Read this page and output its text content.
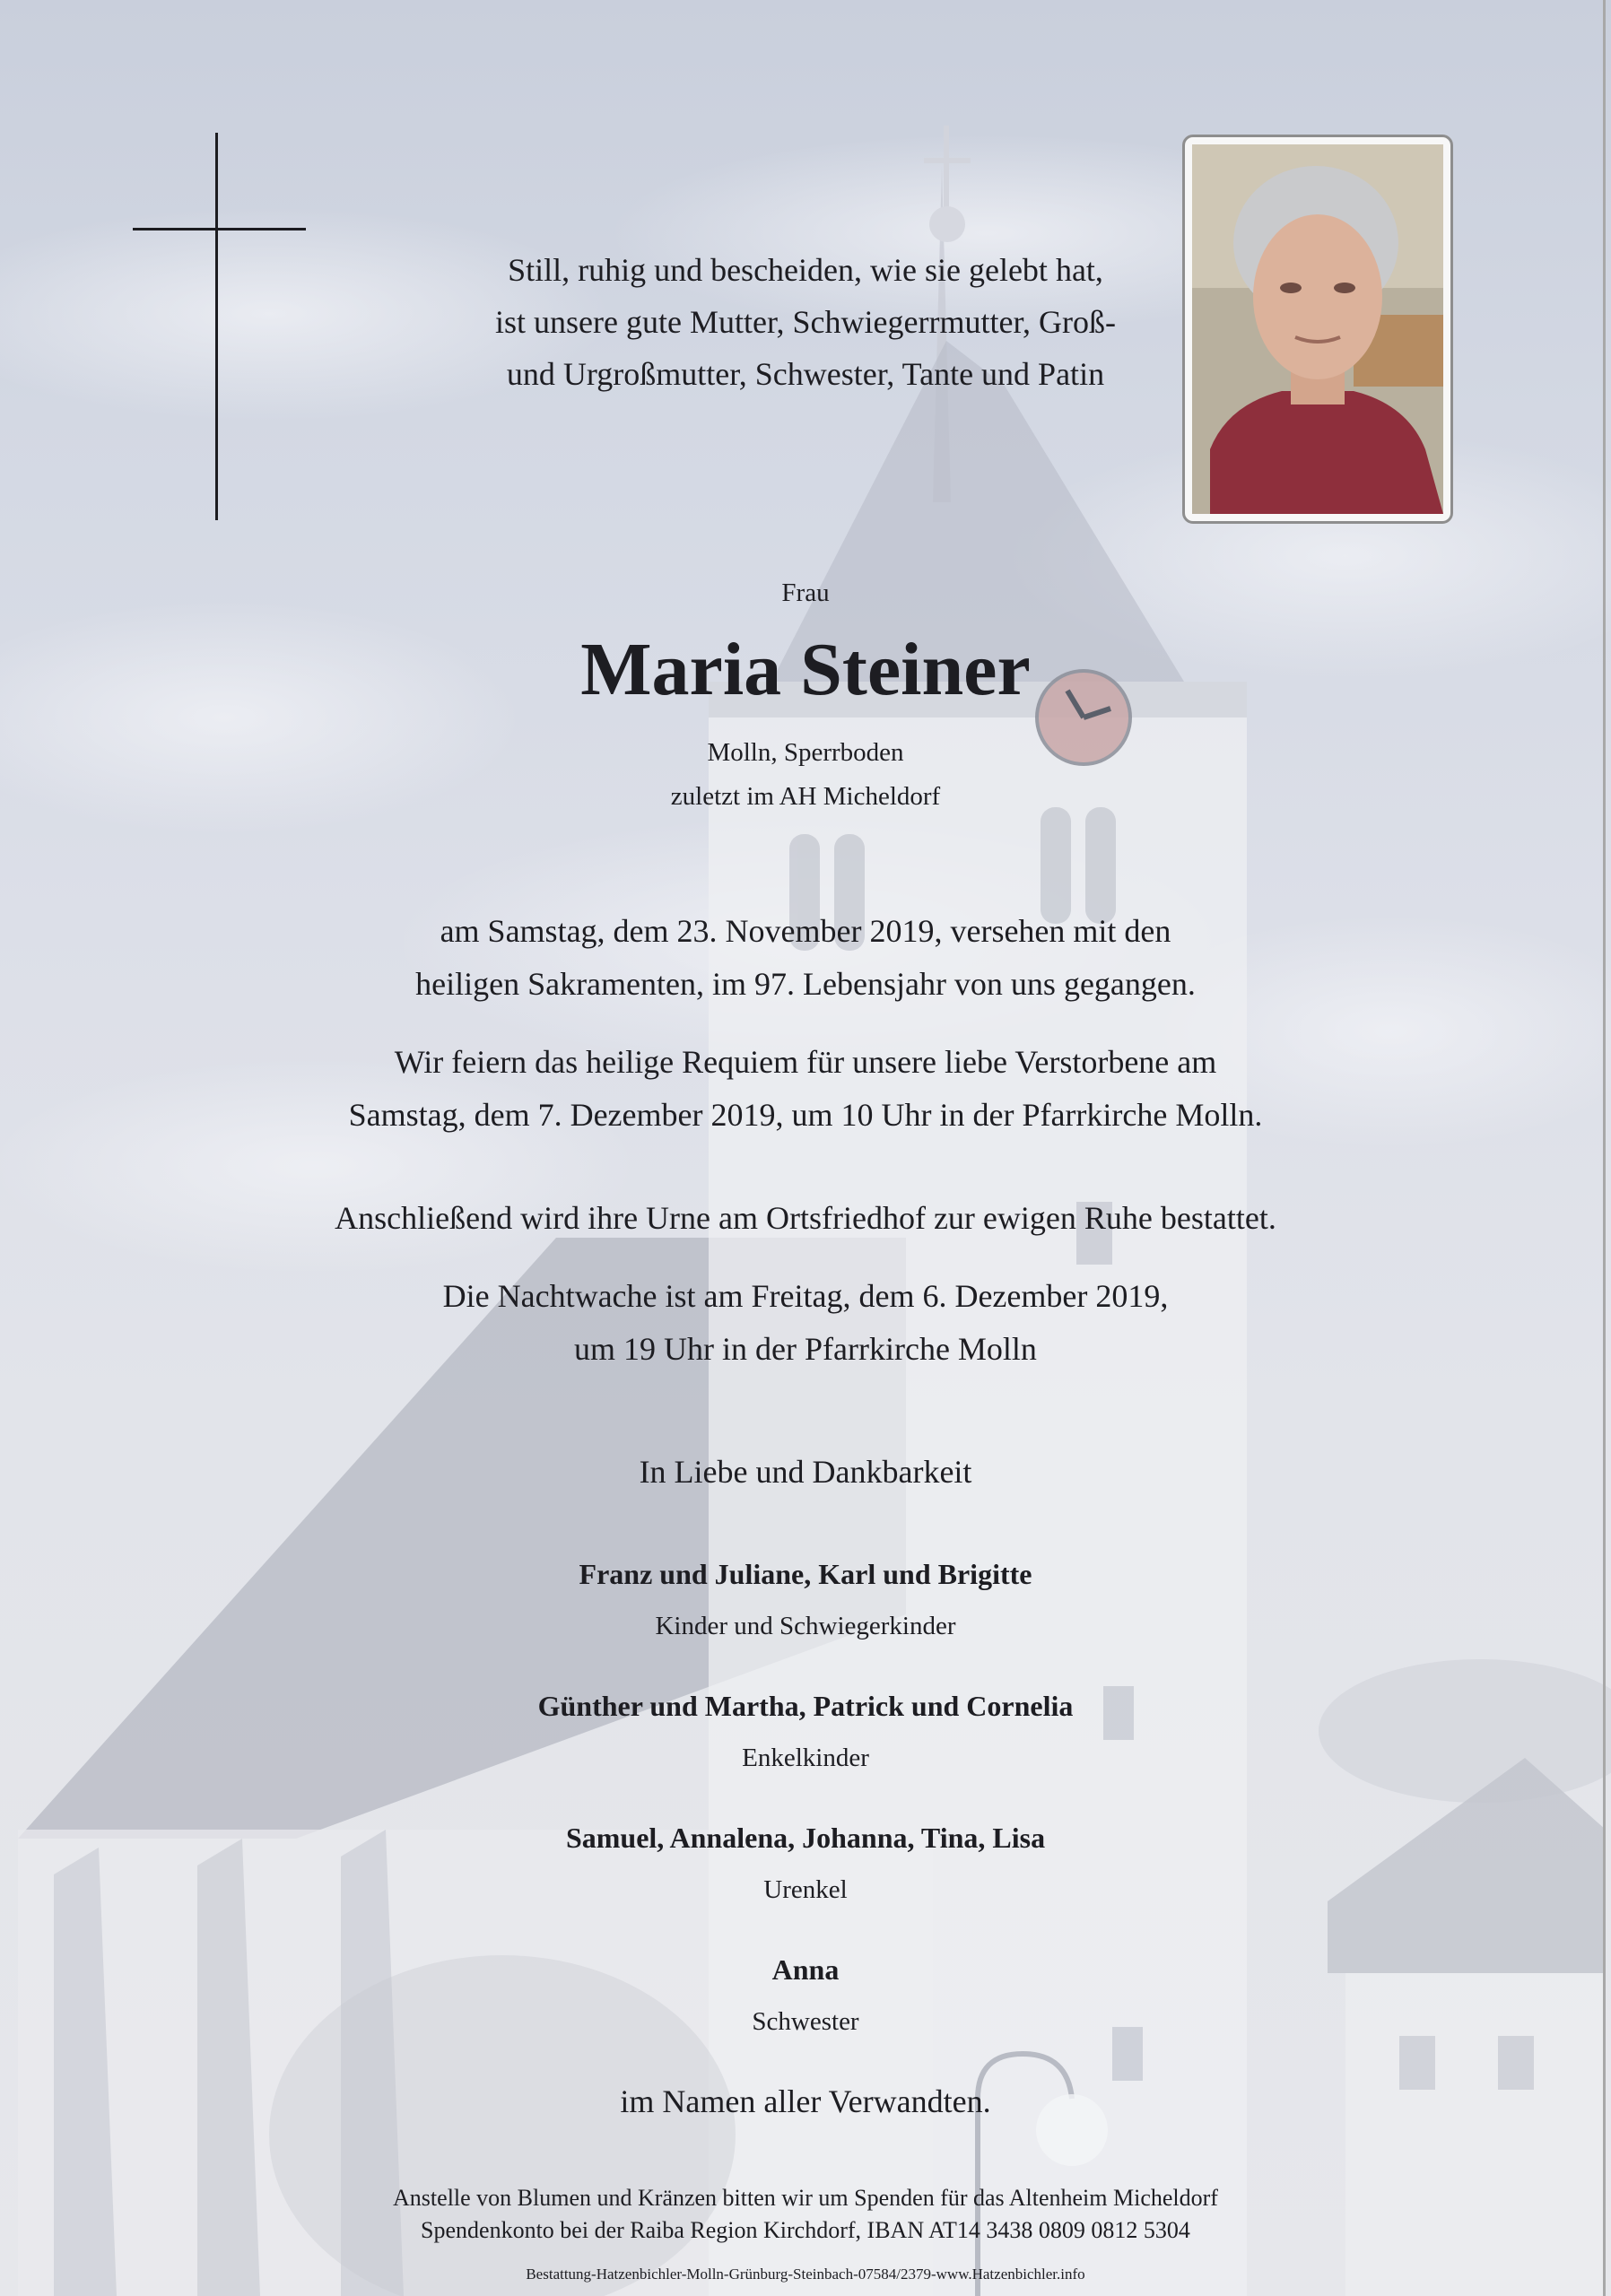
Still, ruhig und bescheiden, wie sie gelebt hat,
ist unsere gute Mutter, Schwiegerrmutter, Groß-
und Urgroßmutter, Schwester, Tante und Patin
Frau
Maria Steiner
Molln, Sperrboden
zuletzt im AH Micheldorf
am Samstag, dem 23. November 2019, versehen mit den
heiligen Sakramenten, im 97. Lebensjahr von uns gegangen.
Wir feiern das heilige Requiem für unsere liebe Verstorbene am
Samstag, dem 7. Dezember 2019, um 10 Uhr in der Pfarrkirche Molln.
Anschließend wird ihre Urne am Ortsfriedhof zur ewigen Ruhe bestattet.
Die Nachtwache ist am Freitag, dem 6. Dezember 2019,
um 19 Uhr in der Pfarrkirche Molln
In Liebe und Dankbarkeit
Franz und Juliane, Karl und Brigitte
Kinder und Schwiegerkinder
Günther und Martha, Patrick und Cornelia
Enkelkinder
Samuel, Annalena, Johanna, Tina, Lisa
Urenkel
Anna
Schwester
im Namen aller Verwandten.
Anstelle von Blumen und Kränzen bitten wir um Spenden für das Altenheim Micheldorf
Spendenkonto bei der Raiba Region Kirchdorf, IBAN AT14 3438 0809 0812 5304
Bestattung-Hatzenbichler-Molln-Grünburg-Steinbach-07584/2379-www.Hatzenbichler.info
